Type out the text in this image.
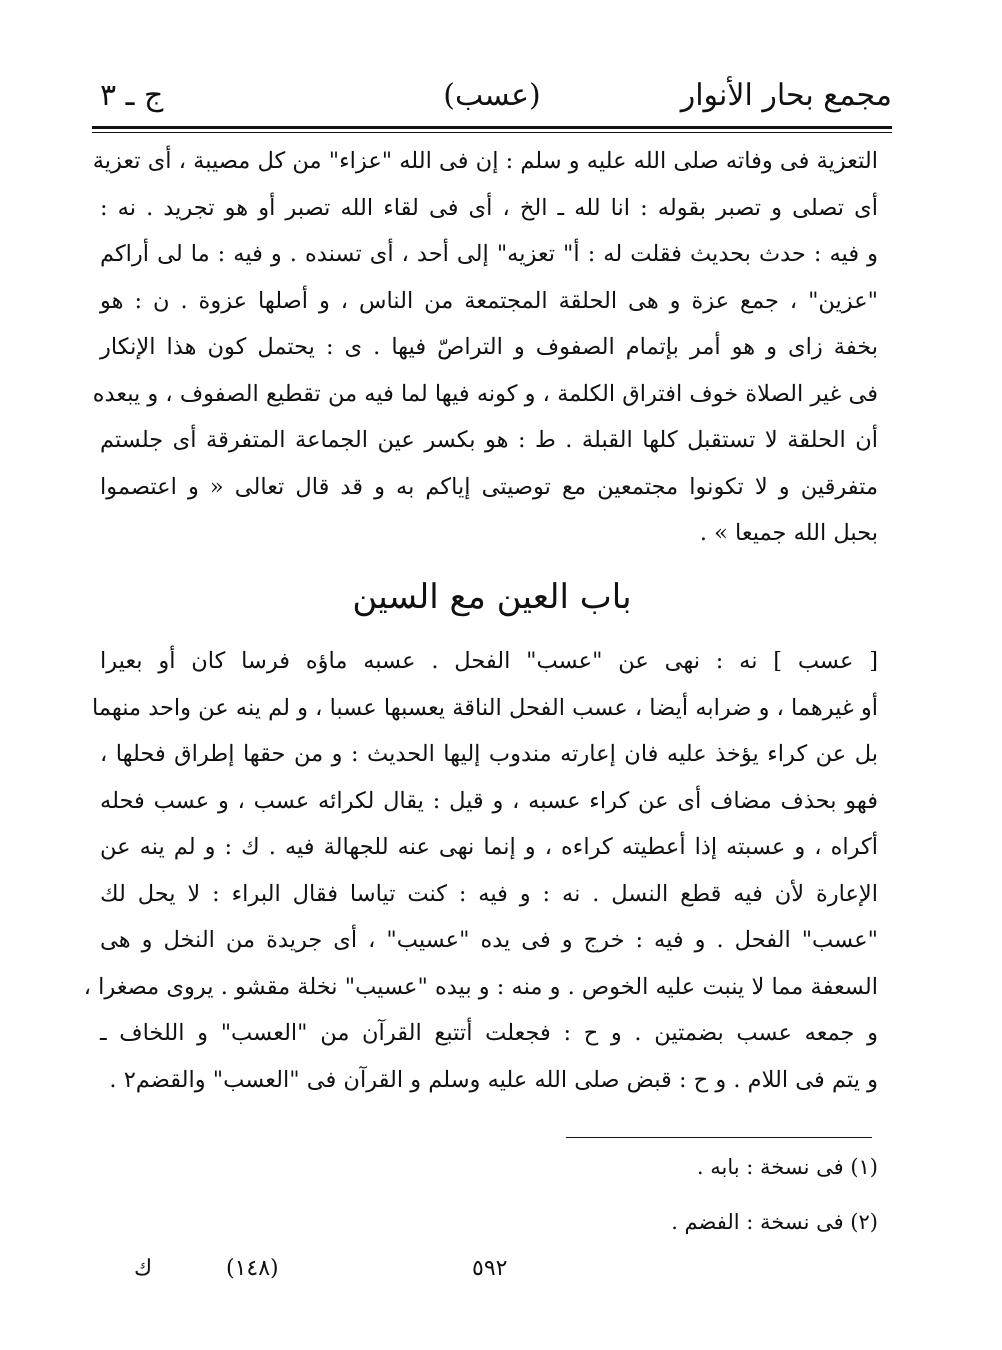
مجمع بحار الأنوار
(عسب)
ج ـ ٣
التعزية فى وفاته صلى الله عليه و سلم : إن فى الله "عزاء" من كل مصيبة ، أى تعزية
أى تصلى و تصبر بقوله : انا لله ـ الخ ، أى فى لقاء الله تصبر أو هو تجريد . نه :
و فيه : حدث بحديث فقلت له : أ" تعزيه" إلى أحد ، أى تسنده . و فيه : ما لى أراكم
"عزين" ، جمع عزة و هى الحلقة المجتمعة من الناس ، و أصلها عزوة . ن : هو
بخفة زاى و هو أمر بإتمام الصفوف و التراصّ فيها . ى : يحتمل كون هذا الإنكار
فى غير الصلاة خوف افتراق الكلمة ، و كونه فيها لما فيه من تقطيع الصفوف ، و يبعده
أن الحلقة لا تستقبل كلها القبلة . ط : هو بكسر عين الجماعة المتفرقة أى جلستم
متفرقين و لا تكونوا مجتمعين مع توصيتى إياكم به و قد قال تعالى « و اعتصموا
بحبل الله جميعا » .
باب العين مع السين
[ عسب ] نه : نهى عن "عسب" الفحل . عسبه ماؤه فرسا كان أو بعيرا
أو غيرهما ، و ضرابه أيضا ، عسب الفحل الناقة يعسبها عسبا ، و لم ينه عن واحد منهما
بل عن كراء يؤخذ عليه فان إعارته مندوب إليها الحديث : و من حقها إطراق فحلها ،
فهو بحذف مضاف أى عن كراء عسبه ، و قيل : يقال لكرائه عسب ، و عسب فحله
أكراه ، و عسبته إذا أعطيته كراءه ، و إنما نهى عنه للجهالة فيه . ك : و لم ينه عن
الإعارة لأن فيه قطع النسل . نه : و فيه : كنت تياسا فقال البراء : لا يحل لك
"عسب" الفحل . و فيه : خرج و فى يده "عسيب" ، أى جريدة من النخل و هى
السعفة مما لا ينبت عليه الخوص . و منه : و بيده "عسيب" نخلة مقشو . يروى مصغرا ،
و جمعه عسب بضمتين . و ح : فجعلت أتتبع القرآن من "العسب" و اللخاف ـ
و يتم فى اللام . و ح : قبض صلى الله عليه وسلم و القرآن فى "العسب" والقضم٢ .
(١) فى نسخة : بابه .
(٢) فى نسخة : الفضم .
ك	(١٤٨)	٥٩٢
